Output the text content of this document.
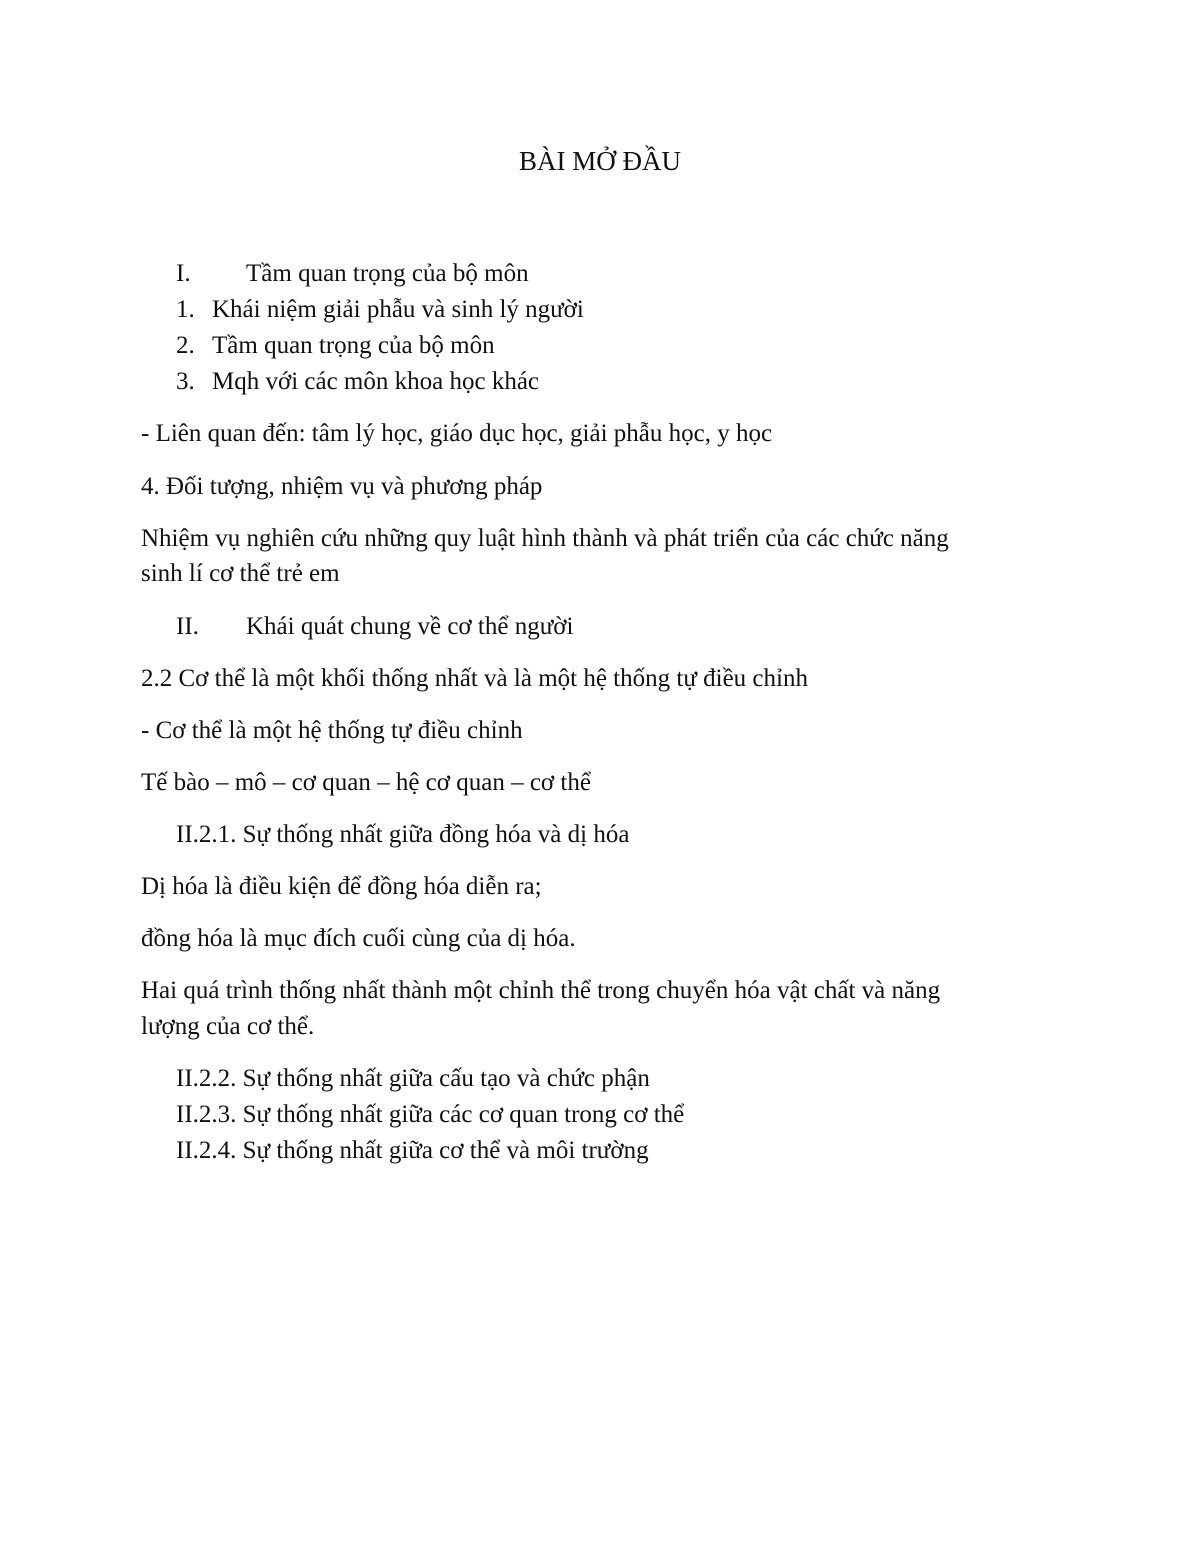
BÀI MỞ ĐẦU
I. Tầm quan trọng của bộ môn
1. Khái niệm giải phẫu và sinh lý người
2. Tầm quan trọng của bộ môn
3. Mqh với các môn khoa học khác
- Liên quan đến: tâm lý học, giáo dục học, giải phẫu học, y học
4. Đối tượng, nhiệm vụ và phương pháp
Nhiệm vụ nghiên cứu những quy luật hình thành và phát triển của các chức năng
sinh lí cơ thể trẻ em
II. Khái quát chung về cơ thể người
2.2 Cơ thể là một khối thống nhất và là một hệ thống tự điều chỉnh
- Cơ thể là một hệ thống tự điều chỉnh
Tế bào – mô – cơ quan – hệ cơ quan – cơ thể
II.2.1. Sự thống nhất giữa đồng hóa và dị hóa
Dị hóa là điều kiện để đồng hóa diễn ra;
đồng hóa là mục đích cuối cùng của dị hóa.
Hai quá trình thống nhất thành một chỉnh thể trong chuyển hóa vật chất và năng
lượng của cơ thể.
II.2.2. Sự thống nhất giữa cấu tạo và chức phận
II.2.3. Sự thống nhất giữa các cơ quan trong cơ thể
II.2.4. Sự thống nhất giữa cơ thể và môi trường
